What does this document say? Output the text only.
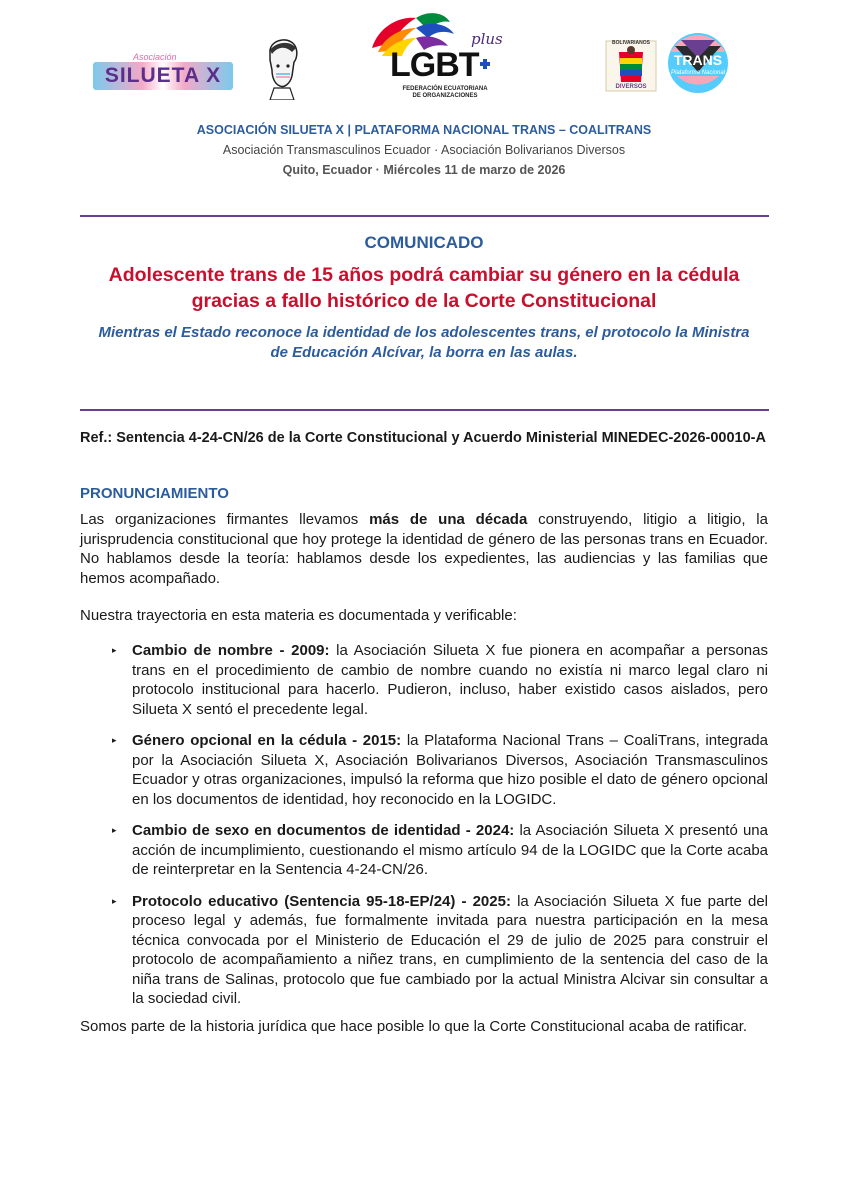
Asociación
SILUETA X	LGBT
plus
FEDERACIÓN ECUATORIANA
DE ORGANIZACIONES
BOLIVARIANOS
DIVERSOS
TRANS
Plataforma Nacional
ASOCIACIÓN SILUETA X | PLATAFORMA NACIONAL TRANS – COALITRANS
Asociación Transmasculinos Ecuador · Asociación Bolivarianos Diversos
Quito, Ecuador · Miércoles 11 de marzo de 2026
COMUNICADO
Adolescente trans de 15 años podrá cambiar su género en la cédula gracias a fallo histórico de la Corte Constitucional
Mientras el Estado reconoce la identidad de los adolescentes trans, el protocolo la Ministra de Educación Alcívar, la borra en las aulas.
Ref.: Sentencia 4-24-CN/26 de la Corte Constitucional y Acuerdo Ministerial MINEDEC-2026-00010-A
PRONUNCIAMIENTO

Las organizaciones firmantes llevamos más de una década construyendo, litigio a litigio, la jurisprudencia constitucional que hoy protege la identidad de género de las personas trans en Ecuador. No hablamos desde la teoría: hablamos desde los expedientes, las audiencias y las familias que hemos acompañado.

Nuestra trayectoria en esta materia es documentada y verificable:

▸ Cambio de nombre - 2009: la Asociación Silueta X fue pionera en acompañar a personas trans en el procedimiento de cambio de nombre cuando no existía ni marco legal claro ni protocolo institucional para hacerlo. Pudieron, incluso, haber existido casos aislados, pero Silueta X sentó el precedente legal.
▸ Género opcional en la cédula - 2015: la Plataforma Nacional Trans – CoaliTrans, integrada por la Asociación Silueta X, Asociación Bolivarianos Diversos, Asociación Transmasculinos Ecuador y otras organizaciones, impulsó la reforma que hizo posible el dato de género opcional en los documentos de identidad, hoy reconocido en la LOGIDC.
▸ Cambio de sexo en documentos de identidad - 2024: la Asociación Silueta X presentó una acción de incumplimiento, cuestionando el mismo artículo 94 de la LOGIDC que la Corte acaba de reinterpretar en la Sentencia 4-24-CN/26.
▸ Protocolo educativo (Sentencia 95-18-EP/24) - 2025: la Asociación Silueta X fue parte del proceso legal y además, fue formalmente invitada para nuestra participación en la mesa técnica convocada por el Ministerio de Educación el 29 de julio de 2025 para construir el protocolo de acompañamiento a niñez trans, en cumplimiento de la sentencia del caso de la niña trans de Salinas, protocolo que fue cambiado por la actual Ministra Alcivar sin consultar a la sociedad civil.
Somos parte de la historia jurídica que hace posible lo que la Corte Constitucional acaba de ratificar.
